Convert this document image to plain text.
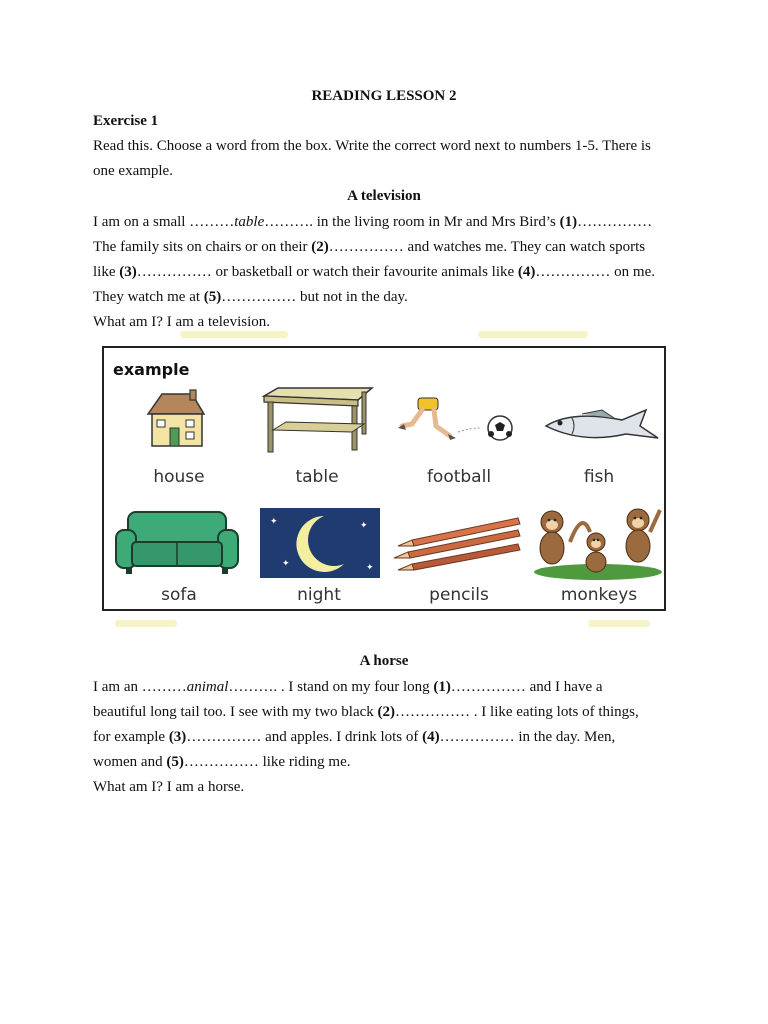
READING LESSON 2
Exercise 1
Read this. Choose a word from the box. Write the correct word next to numbers 1-5. There is
one example.
A television
I am on a small ………table………. in the living room in Mr and Mrs Bird’s (1)……………
The family sits on chairs or on their (2)…………… and watches me. They can watch sports
like (3)…………… or basketball or watch their favourite animals like (4)…………… on me.
They watch me at (5)…………… but not in the day.
What am I? I am a television.
example
house	table	football	fish
sofa
✦	✦
✦	✦
night	pencils	monkeys
A horse
I am an ………animal………. . I stand on my four long (1)…………… and I have a
beautiful long tail too. I see with my two black (2)…………… . I like eating lots of things,
for example (3)…………… and apples. I drink lots of (4)…………… in the day. Men,
women and (5)…………… like riding me.
What am I? I am a horse.
